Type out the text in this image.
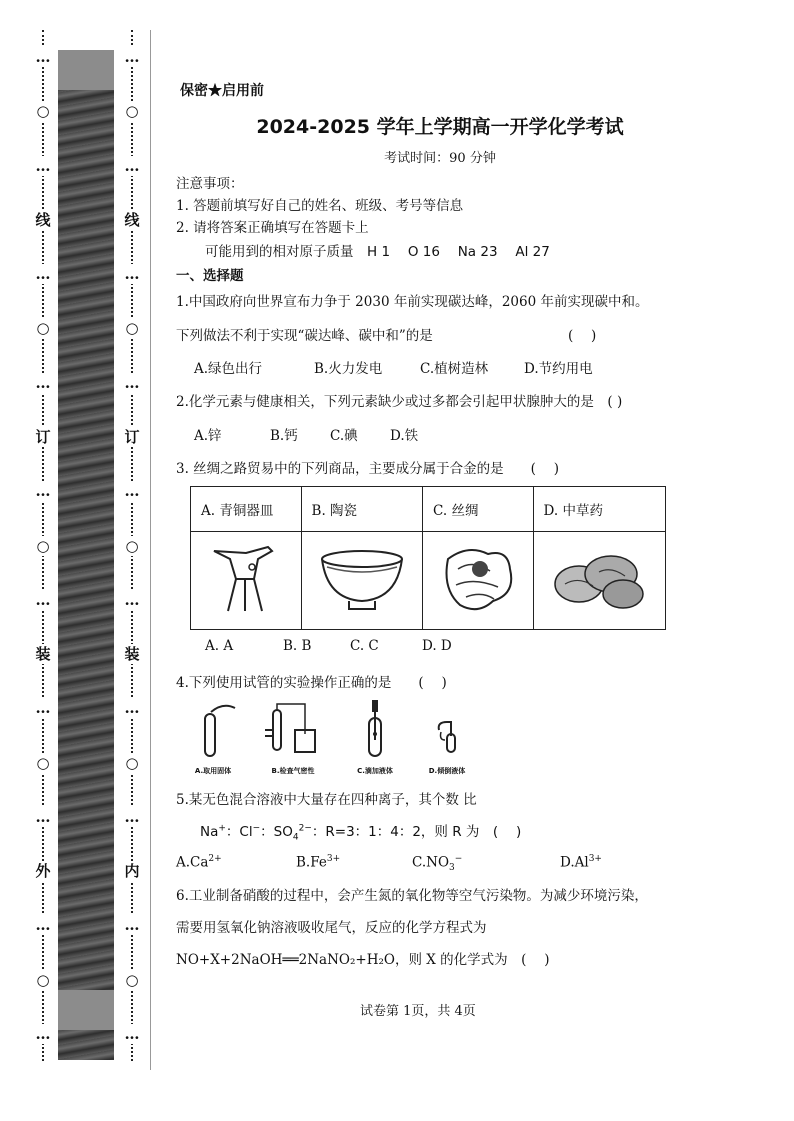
…
○
…
线
…
○
…
订
…
○
…
装
…
○
…
外
…
○
…
…
○
…
线
…
○
…
订
…
○
…
装
…
○
…
内
…
○
…
保密★启用前
2024-2025 学年上学期高一开学化学考试
考试时间：90 分钟
注意事项：
1. 答题前填写好自己的姓名、班级、考号等信息
2. 请将答案正确填写在答题卡上
可能用到的相对原子质量　H 1　 O 16　 Na 23　 Al 27
一、选择题
1.中国政府向世界宣布力争于 2030 年前实现碳达峰，2060 年前实现碳中和。
下列做法不利于实现“碳达峰、碳中和”的是	(　 )
A.绿色出行	B.火力发电	C.植树造林	D.节约用电
2.化学元素与健康相关，下列元素缺少或过多都会引起甲状腺肿大的是　( )
A.锌	B.钙 C.碘 D.铁
3. 丝绸之路贸易中的下列商品，主要成分属于合金的是　　(　 )
A. 青铜器皿	B. 陶瓷	C. 丝绸	D. 中草药

A. A	B. B	C. C	D. D
4.下列使用试管的实验操作正确的是　　(　 )
A.取用固体	B.检查气密性	C.滴加液体	D.倾倒液体
5.某无色混合溶液中大量存在四种离子，其个数 比
Na+：Cl−：$SO_4^{2-}$：R=3：1：4：2，则 R 为　(　 )
$A.Ca^{2+}$	$B.Fe^{3+}$	$C.NO_3^-$	$D.Al^{3+}$
6.工业制备硝酸的过程中，会产生氮的氧化物等空气污染物。为减少环境污染，
需要用氢氧化钠溶液吸收尾气，反应的化学方程式为
NO+X+2NaOH══2NaNO₂+H₂O，则 X 的化学式为　(　 )
试卷第 1页，共 4页
